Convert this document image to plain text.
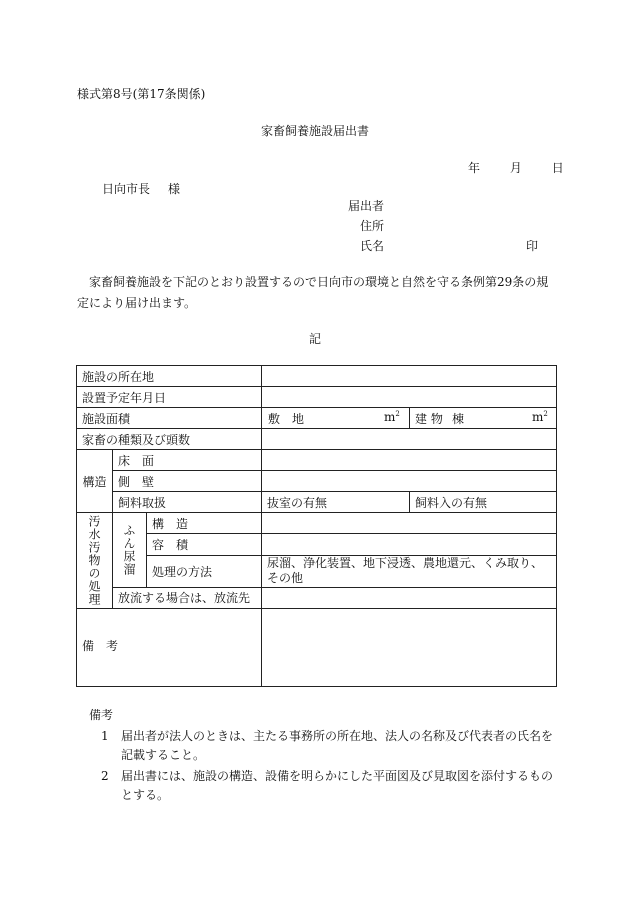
様式第8号(第17条関係)
家畜飼養施設届出書
年 月 日
日向市長 様
届出者
住所
氏名	印
家畜飼養施設を下記のとおり設置するので日向市の環境と自然を守る条例第29条の規定により届け出ます。
記
施設の所在地				
設置予定年月日				
施設面積			敷　地 $m^2$	建 物 棟 $m^2$

家畜の種類及び頭数				
構造	床　面			
	側　壁			
	飼料取扱		抜室の有無	飼料入の有無
汚水汚物の処理	ふん尿溜	構　造		
		容　積		
		処理の方法	尿溜、浄化装置、地下浸透、農地還元、くみ取り、その他	
	放流する場合は、放流先			
備　考				
備考
1 届出者が法人のときは、主たる事務所の所在地、法人の名称及び代表者の氏名を記載すること。
2 届出書には、施設の構造、設備を明らかにした平面図及び見取図を添付するものとする。
